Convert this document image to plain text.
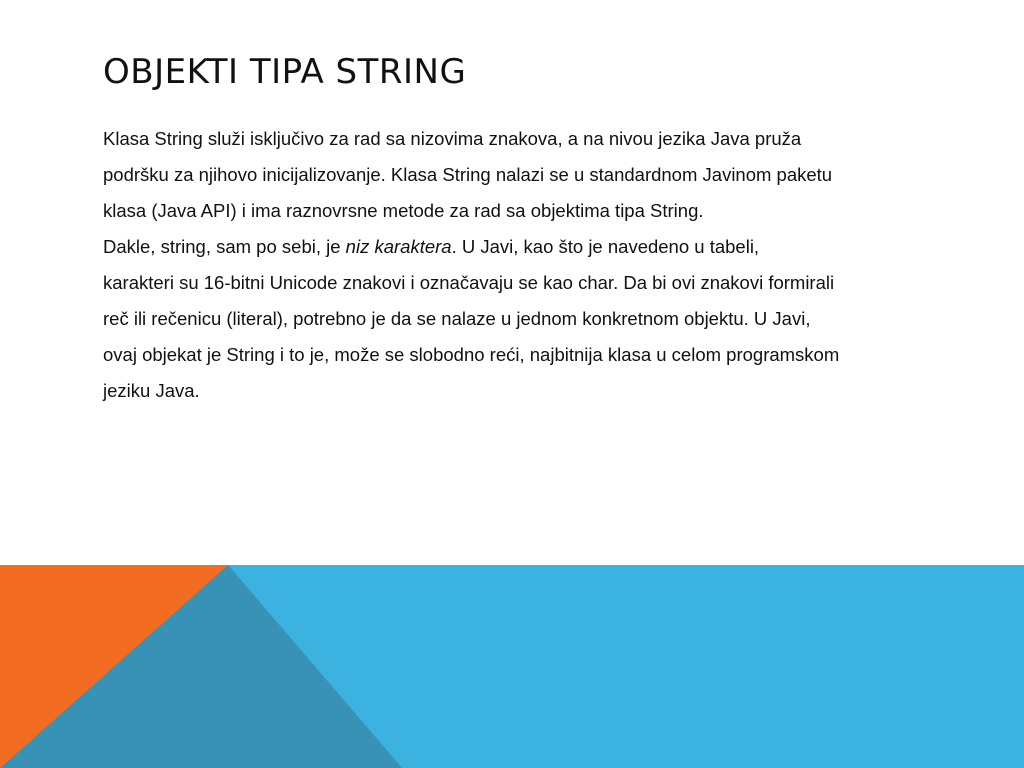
OBJEKTI TIPA STRING

Klasa String služi isključivo za rad sa nizovima znakova, a na nivou jezika Java pruža

podršku za njihovo inicijalizovanje. Klasa String nalazi se u standardnom Javinom paketu

klasa (Java API) i ima raznovrsne metode za rad sa objektima tipa String.

Dakle, string, sam po sebi, je niz karaktera. U Javi, kao što je navedeno u tabeli,

karakteri su 16-bitni Unicode znakovi i označavaju se kao char. Da bi ovi znakovi formirali

reč ili rečenicu (literal), potrebno je da se nalaze u jednom konkretnom objektu. U Javi,

ovaj objekat je String i to je, može se slobodno reći, najbitnija klasa u celom programskom

jeziku Java.
